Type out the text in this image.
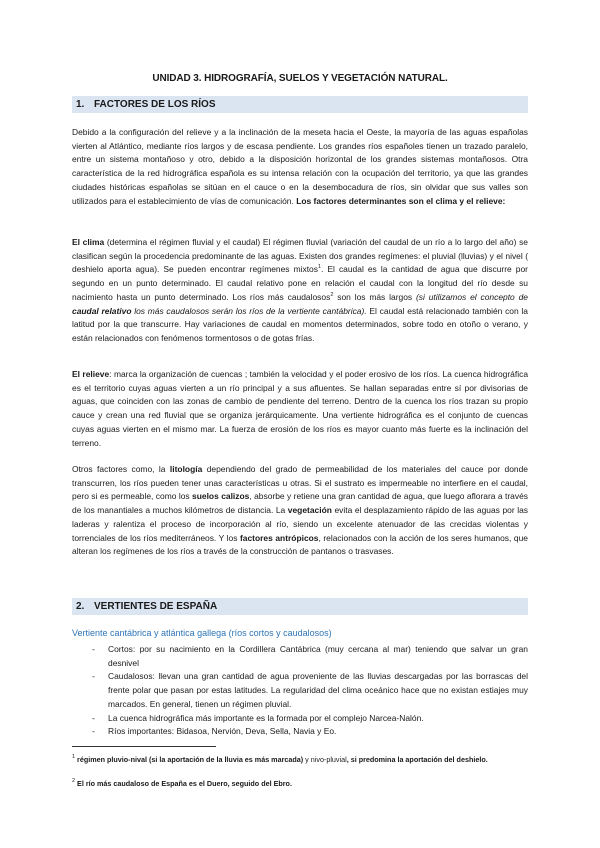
UNIDAD 3. HIDROGRAFÍA, SUELOS Y VEGETACIÓN NATURAL.
1. FACTORES DE LOS RÍOS

Debido a la configuración del relieve y a la inclinación de la meseta hacia el Oeste, la mayoría de las aguas españolas vierten al Atlántico, mediante ríos largos y de escasa pendiente. Los grandes ríos españoles tienen un trazado paralelo, entre un sistema montañoso y otro, debido a la disposición horizontal de los grandes sistemas montañosos. Otra característica de la red hidrográfica española es su intensa relación con la ocupación del territorio, ya que las grandes ciudades históricas españolas se sitúan en el cauce o en la desembocadura de ríos, sin olvidar que sus valles son utilizados para el establecimiento de vías de comunicación. Los factores determinantes son el clima y el relieve:

El clima (determina el régimen fluvial y el caudal) El régimen fluvial (variación del caudal de un río a lo largo del año) se clasifican según la procedencia predominante de las aguas. Existen dos grandes regímenes: el pluvial (lluvias) y el nivel ( deshielo aporta agua). Se pueden encontrar regímenes mixtos$^1$. El caudal es la cantidad de agua que discurre por segundo en un punto determinado. El caudal relativo pone en relación el caudal con la longitud del río desde su nacimiento hasta un punto determinado. Los ríos más caudalosos$^2$ son los más largos (si utilizamos el concepto de caudal relativo los más caudalosos serán los ríos de la vertiente cantábrica). El caudal está relacionado también con la latitud por la que transcurre. Hay variaciones de caudal en momentos determinados, sobre todo en otoño o verano, y están relacionados con fenómenos tormentosos o de gotas frías.

El relieve: marca la organización de cuencas ; también la velocidad y el poder erosivo de los ríos. La cuenca hidrográfica es el territorio cuyas aguas vierten a un río principal y a sus afluentes. Se hallan separadas entre sí por divisorias de aguas, que coinciden con las zonas de cambio de pendiente del terreno. Dentro de la cuenca los ríos trazan su propio cauce y crean una red fluvial que se organiza jerárquicamente. Una vertiente hidrográfica es el conjunto de cuencas cuyas aguas vierten en el mismo mar. La fuerza de erosión de los ríos es mayor cuanto más fuerte es la inclinación del terreno.

Otros factores como, la litología dependiendo del grado de permeabilidad de los materiales del cauce por donde transcurren, los ríos pueden tener unas características u otras. Si el sustrato es impermeable no interfiere en el caudal, pero si es permeable, como los suelos calizos, absorbe y retiene una gran cantidad de agua, que luego aflorara a través de los manantiales a muchos kilómetros de distancia. La vegetación evita el desplazamiento rápido de las aguas por las laderas y ralentiza el proceso de incorporación al río, siendo un excelente atenuador de las crecidas violentas y torrenciales de los ríos mediterráneos. Y los factores antrópicos, relacionados con la acción de los seres humanos, que alteran los regímenes de los ríos a través de la construcción de pantanos o trasvases.

2. VERTIENTES DE ESPAÑA
Vertiente cantábrica y atlántica gallega (ríos cortos y caudalosos)
- Cortos: por su nacimiento en la Cordillera Cantábrica (muy cercana al mar) teniendo que salvar un gran desnivel
- Caudalosos: llevan una gran cantidad de agua proveniente de las lluvias descargadas por las borrascas del frente polar que pasan por estas latitudes. La regularidad del clima oceánico hace que no existan estiajes muy marcados. En general, tienen un régimen pluvial.
- La cuenca hidrográfica más importante es la formada por el complejo Narcea-Nalón.
- Ríos importantes: Bidasoa, Nervión, Deva, Sella, Navia y Eo.

$^1$ régimen pluvio-nival (si la aportación de la lluvia es más marcada) y nivo-pluvial, si predomina la aportación del deshielo.

$^2$ El río más caudaloso de España es el Duero, seguido del Ebro.
